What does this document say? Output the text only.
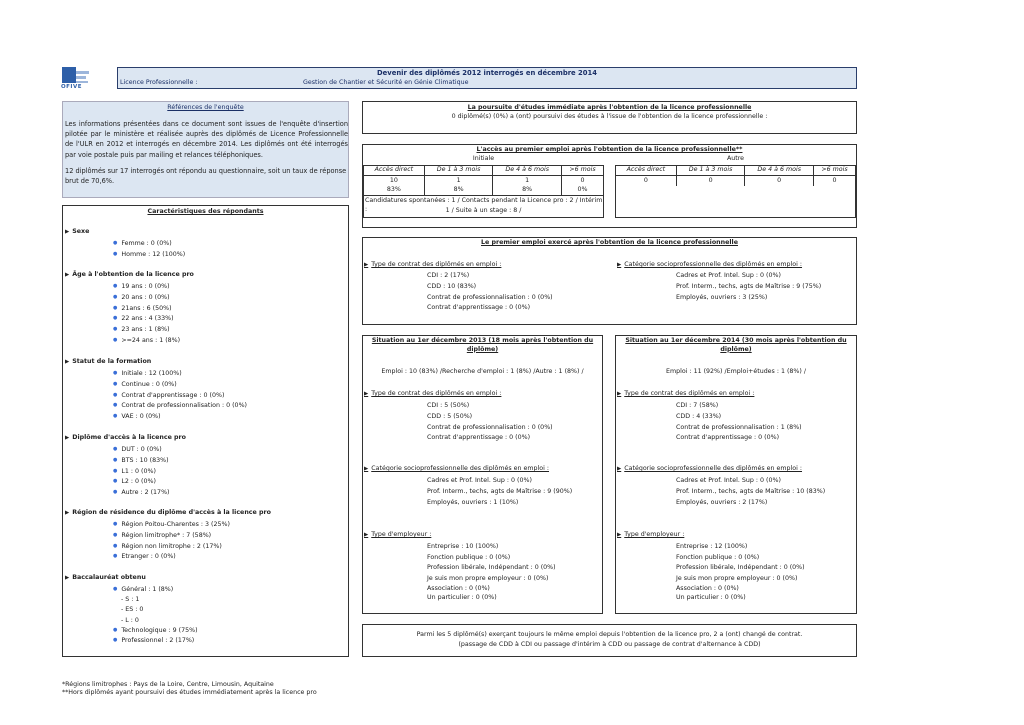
OFIVE
Devenir des diplômés 2012 interrogés en décembre 2014
Licence Professionnelle :	Gestion de Chantier et Sécurité en Génie Climatique
Références de l'enquête
Les informations présentées dans ce document sont issues de l'enquête d'insertion pilotée par le ministère et réalisée auprès des diplômés de Licence Professionnelle de l'ULR en 2012 et interrogés en décembre 2014. Les diplômés ont été interrogés par voie postale puis par mailing et relances téléphoniques.
12 diplômés sur 17 interrogés ont répondu au questionnaire, soit un taux de réponse brut de 70,6%.
Caractéristiques des répondants
▶ Sexe
● Femme : 0 (0%)
● Homme : 12 (100%)
▶ Âge à l'obtention de la licence pro
● 19 ans : 0 (0%)
● 20 ans : 0 (0%)
● 21ans : 6 (50%)
● 22 ans : 4 (33%)
● 23 ans : 1 (8%)
● >=24 ans : 1 (8%)
▶ Statut de la formation
● Initiale : 12 (100%)
● Continue : 0 (0%)
● Contrat d'apprentissage : 0 (0%)
● Contrat de professionnalisation : 0 (0%)
● VAE : 0 (0%)
▶ Diplôme d'accès à la licence pro
● DUT : 0 (0%)
● BTS : 10 (83%)
● L1 : 0 (0%)
● L2 : 0 (0%)
● Autre : 2 (17%)
▶ Région de résidence du diplôme d'accès à la licence pro
● Région Poitou-Charentes : 3 (25%)
● Région limitrophe* : 7 (58%)
● Région non limitrophe : 2 (17%)
● Etranger : 0 (0%)
▶ Baccalauréat obtenu
● Général : 1 (8%)
- S : 1
- ES : 0
- L : 0
● Technologique : 9 (75%)
● Professionnel : 2 (17%)
La poursuite d'études immédiate après l'obtention de la licence professionnelle
0 diplômé(s) (0%) a (ont) poursuivi des études à l'issue de l'obtention de la licence professionnelle :
L'accès au premier emploi après l'obtention de la licence professionnelle**
Initiale	Autre
Accès direct	De 1 à 3 mois	De 4 à 6 mois	>6 mois
10	1	1	0
83%	8%	8%	0%
Candidatures spontanées : 1 / Contacts pendant la Licence pro : 2 / Intérim :	1 / Suite à un stage : 8 /
Accès direct	De 1 à 3 mois	De 4 à 6 mois	>6 mois
0	0	0	0
Le premier emploi exercé après l'obtention de la licence professionnelle
▶ Type de contrat des diplômés en emploi :
CDI : 2 (17%)
CDD : 10 (83%)
Contrat de professionnalisation : 0 (0%)
Contrat d'apprentissage : 0 (0%)
▶ Catégorie socioprofessionnelle des diplômés en emploi :
Cadres et Prof. Intel. Sup : 0 (0%)
Prof. Interm., techs, agts de Maîtrise : 9 (75%)
Employés, ouvriers : 3 (25%)
Situation au 1er décembre 2013 (18 mois après l'obtention du diplôme)
Emploi : 10 (83%) /Recherche d'emploi : 1 (8%) /Autre : 1 (8%) /
▶ Type de contrat des diplômés en emploi :
CDI : 5 (50%)
CDD : 5 (50%)
Contrat de professionnalisation : 0 (0%)
Contrat d'apprentissage : 0 (0%)
▶ Catégorie socioprofessionnelle des diplômés en emploi :
Cadres et Prof. Intel. Sup : 0 (0%)
Prof. Interm., techs, agts de Maîtrise : 9 (90%)
Employés, ouvriers : 1 (10%)
▶ Type d'employeur :
Entreprise : 10 (100%)
Fonction publique : 0 (0%)
Profession libérale, Indépendant : 0 (0%)
Je suis mon propre employeur : 0 (0%)
Association : 0 (0%)
Un particulier : 0 (0%)
Situation au 1er décembre 2014 (30 mois après l'obtention du diplôme)
Emploi : 11 (92%) /Emploi+études : 1 (8%) /
▶ Type de contrat des diplômés en emploi :
CDI : 7 (58%)
CDD : 4 (33%)
Contrat de professionnalisation : 1 (8%)
Contrat d'apprentissage : 0 (0%)
▶ Catégorie socioprofessionnelle des diplômés en emploi :
Cadres et Prof. Intel. Sup : 0 (0%)
Prof. Interm., techs, agts de Maîtrise : 10 (83%)
Employés, ouvriers : 2 (17%)
▶ Type d'employeur :
Entreprise : 12 (100%)
Fonction publique : 0 (0%)
Profession libérale, Indépendant : 0 (0%)
Je suis mon propre employeur : 0 (0%)
Association : 0 (0%)
Un particulier : 0 (0%)
Parmi les 5 diplômé(s) exerçant toujours le même emploi depuis l'obtention de la licence pro, 2 a (ont) changé de contrat.
(passage de CDD à CDI ou passage d'intérim à CDD ou passage de contrat d'alternance à CDD)
*Régions limitrophes : Pays de la Loire, Centre, Limousin, Aquitaine
**Hors diplômés ayant poursuivi des études immédiatement après la licence pro
